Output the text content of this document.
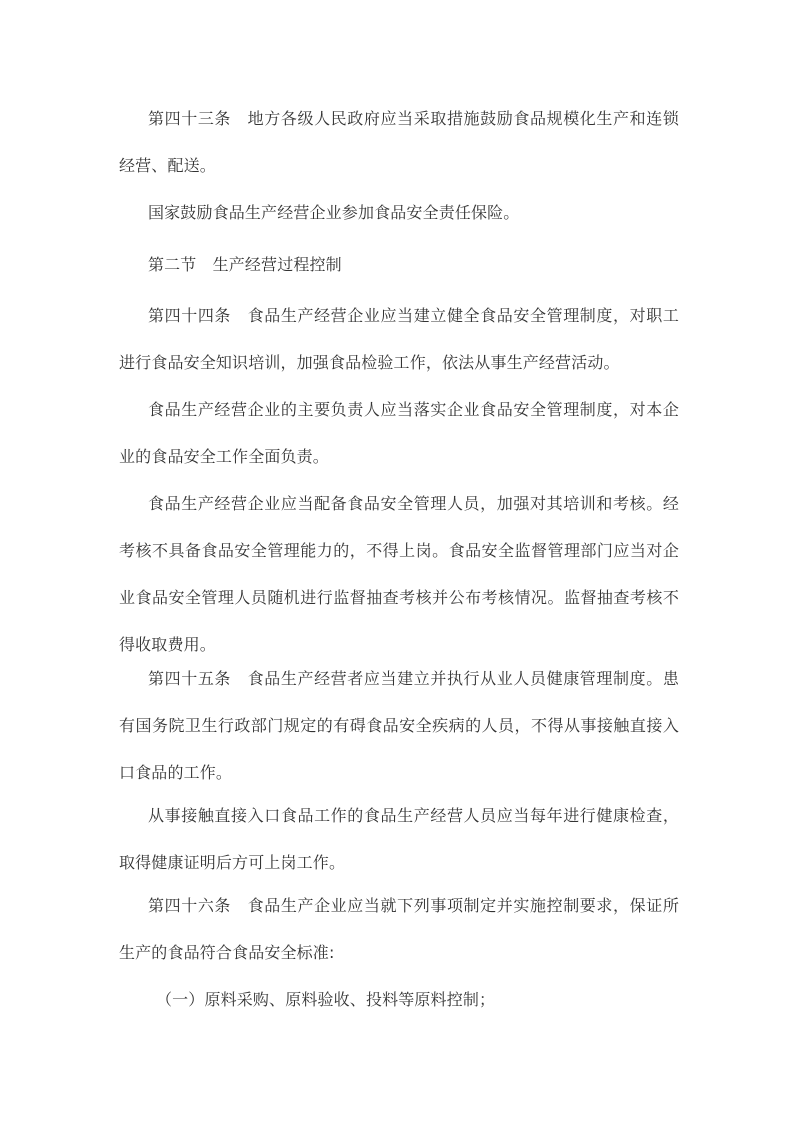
第四十三条　地方各级人民政府应当采取措施鼓励食品规模化生产和连锁经营、配送。

国家鼓励食品生产经营企业参加食品安全责任保险。

第二节　生产经营过程控制

第四十四条　食品生产经营企业应当建立健全食品安全管理制度，对职工进行食品安全知识培训，加强食品检验工作，依法从事生产经营活动。

食品生产经营企业的主要负责人应当落实企业食品安全管理制度，对本企业的食品安全工作全面负责。

食品生产经营企业应当配备食品安全管理人员，加强对其培训和考核。经考核不具备食品安全管理能力的，不得上岗。食品安全监督管理部门应当对企业食品安全管理人员随机进行监督抽查考核并公布考核情况。监督抽查考核不得收取费用。

第四十五条　食品生产经营者应当建立并执行从业人员健康管理制度。患有国务院卫生行政部门规定的有碍食品安全疾病的人员，不得从事接触直接入口食品的工作。

从事接触直接入口食品工作的食品生产经营人员应当每年进行健康检查，取得健康证明后方可上岗工作。

第四十六条　食品生产企业应当就下列事项制定并实施控制要求，保证所生产的食品符合食品安全标准:

（一）原料采购、原料验收、投料等原料控制；
